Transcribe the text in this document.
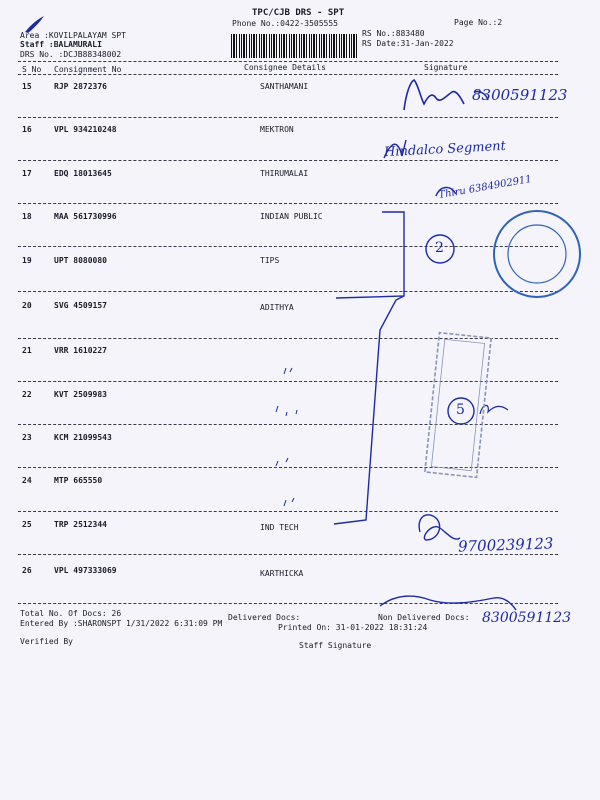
TPC/CJB DRS - SPT
Phone No.:0422-3505555	Page No.:2
Area :KOVILPALAYAM SPT
Staff :BALAMURALI
DRS No. :DCJB88348002
RS No.:883480
RS Date:31-Jan-2022
S No Consignment No	Consignee Details	Signature
15	RJP 2872376	SANTHAMANI
16	VPL 934210248	MEKTRON
17	EDQ 18013645	THIRUMALAI
18	MAA 561730996	INDIAN PUBLIC
19	UPT 8080080	TIPS
20	SVG 4509157	ADITHYA
21	VRR 1610227
22	KVT 2509983
23	KCM 21099543
24	MTP 665550
25	TRP 2512344	IND TECH
26	VPL 497333069	KARTHICKA
Total No. Of Docs: 26	Delivered Docs:	Non Delivered Docs:
Entered By :SHARONSPT 1/31/2022 6:31:09 PM	Printed On: 31-01-2022 18:31:24
Verified By	Staff Signature
8300591123
Hindalco Segment
Thiru 6384902911
2
5
9700239123
8300591123
